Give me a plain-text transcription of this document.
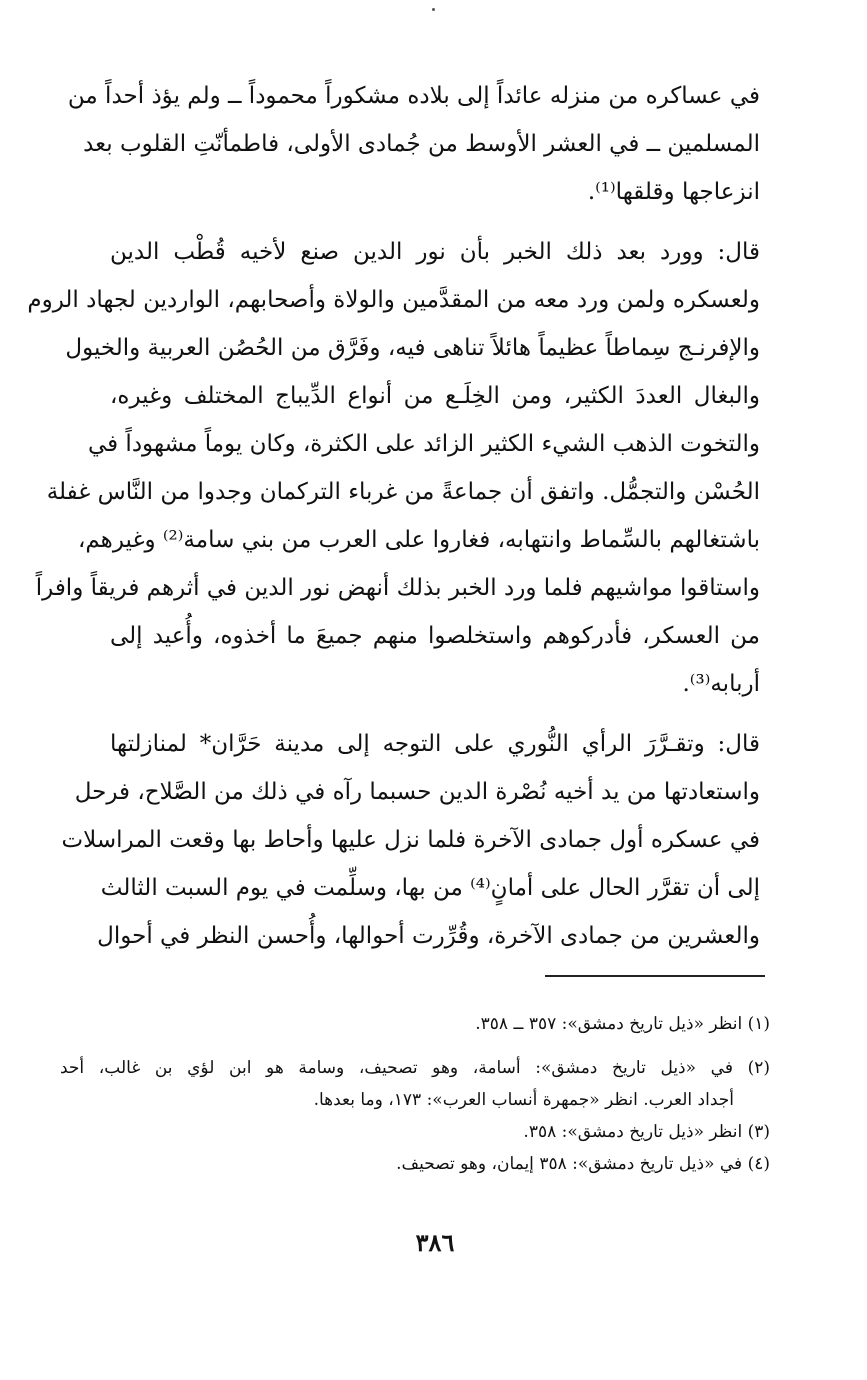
في عساكره من منزله عائداً إلى بلاده مشكوراً محموداً ــ ولم يؤذ أحداً من
المسلمين ــ في العشر الأوسط من جُمادى الأولى، فاطمأنّتِ القلوب بعد
انزعاجها وقلقها⁽¹⁾.
قال: وورد بعد ذلك الخبر بأن نور الدين صنع لأخيه قُطْب الدين
ولعسكره ولمن ورد معه من المقدَّمين والولاة وأصحابهم، الواردين لجهاد الروم
والإفرنـج سِماطاً عظيماً هائلاً تناهى فيه، وفَرَّق من الحُصُن العربية والخيول
والبغال العددَ الكثير، ومن الخِلَـع من أنواع الدِّيباج المختلف وغيره،
والتخوت الذهب الشيء الكثير الزائد على الكثرة، وكان يوماً مشهوداً في
الحُسْن والتجمُّل. واتفق أن جماعةً من غرباء التركمان وجدوا من النَّاس غفلة
باشتغالهم بالسِّماط وانتهابه، فغاروا على العرب من بني سامة⁽²⁾ وغيرهم،
واستاقوا مواشيهم فلما ورد الخبر بذلك أنهض نور الدين في أثرهم فريقاً وافراً
من العسكر، فأدركوهم واستخلصوا منهم جميعَ ما أخذوه، وأُعيد إلى
أربابه⁽³⁾.
قال: وتقـرَّرَ الرأي النُّوري على التوجه إلى مدينة حَرَّان* لمنازلتها
واستعادتها من يد أخيه نُصْرة الدين حسبما رآه في ذلك من الصَّلاح، فرحل
في عسكره أول جمادى الآخرة فلما نزل عليها وأحاط بها وقعت المراسلات
إلى أن تقرَّر الحال على أمانٍ⁽⁴⁾ من بها، وسلِّمت في يوم السبت الثالث
والعشرين من جمادى الآخرة، وقُرِّرت أحوالها، وأُحسن النظر في أحوال
(١) انظر «ذيل تاريخ دمشق»: ٣٥٧ ــ ٣٥٨.
(٢) في «ذيل تاريخ دمشق»: أسامة، وهو تصحيف، وسامة هو ابن لؤي بن غالب، أحد
أجداد العرب. انظر «جمهرة أنساب العرب»: ١٧٣، وما بعدها.
(٣) انظر «ذيل تاريخ دمشق»: ٣٥٨.
(٤) في «ذيل تاريخ دمشق»: ٣٥٨ إيمان، وهو تصحيف.
٣٨٦
